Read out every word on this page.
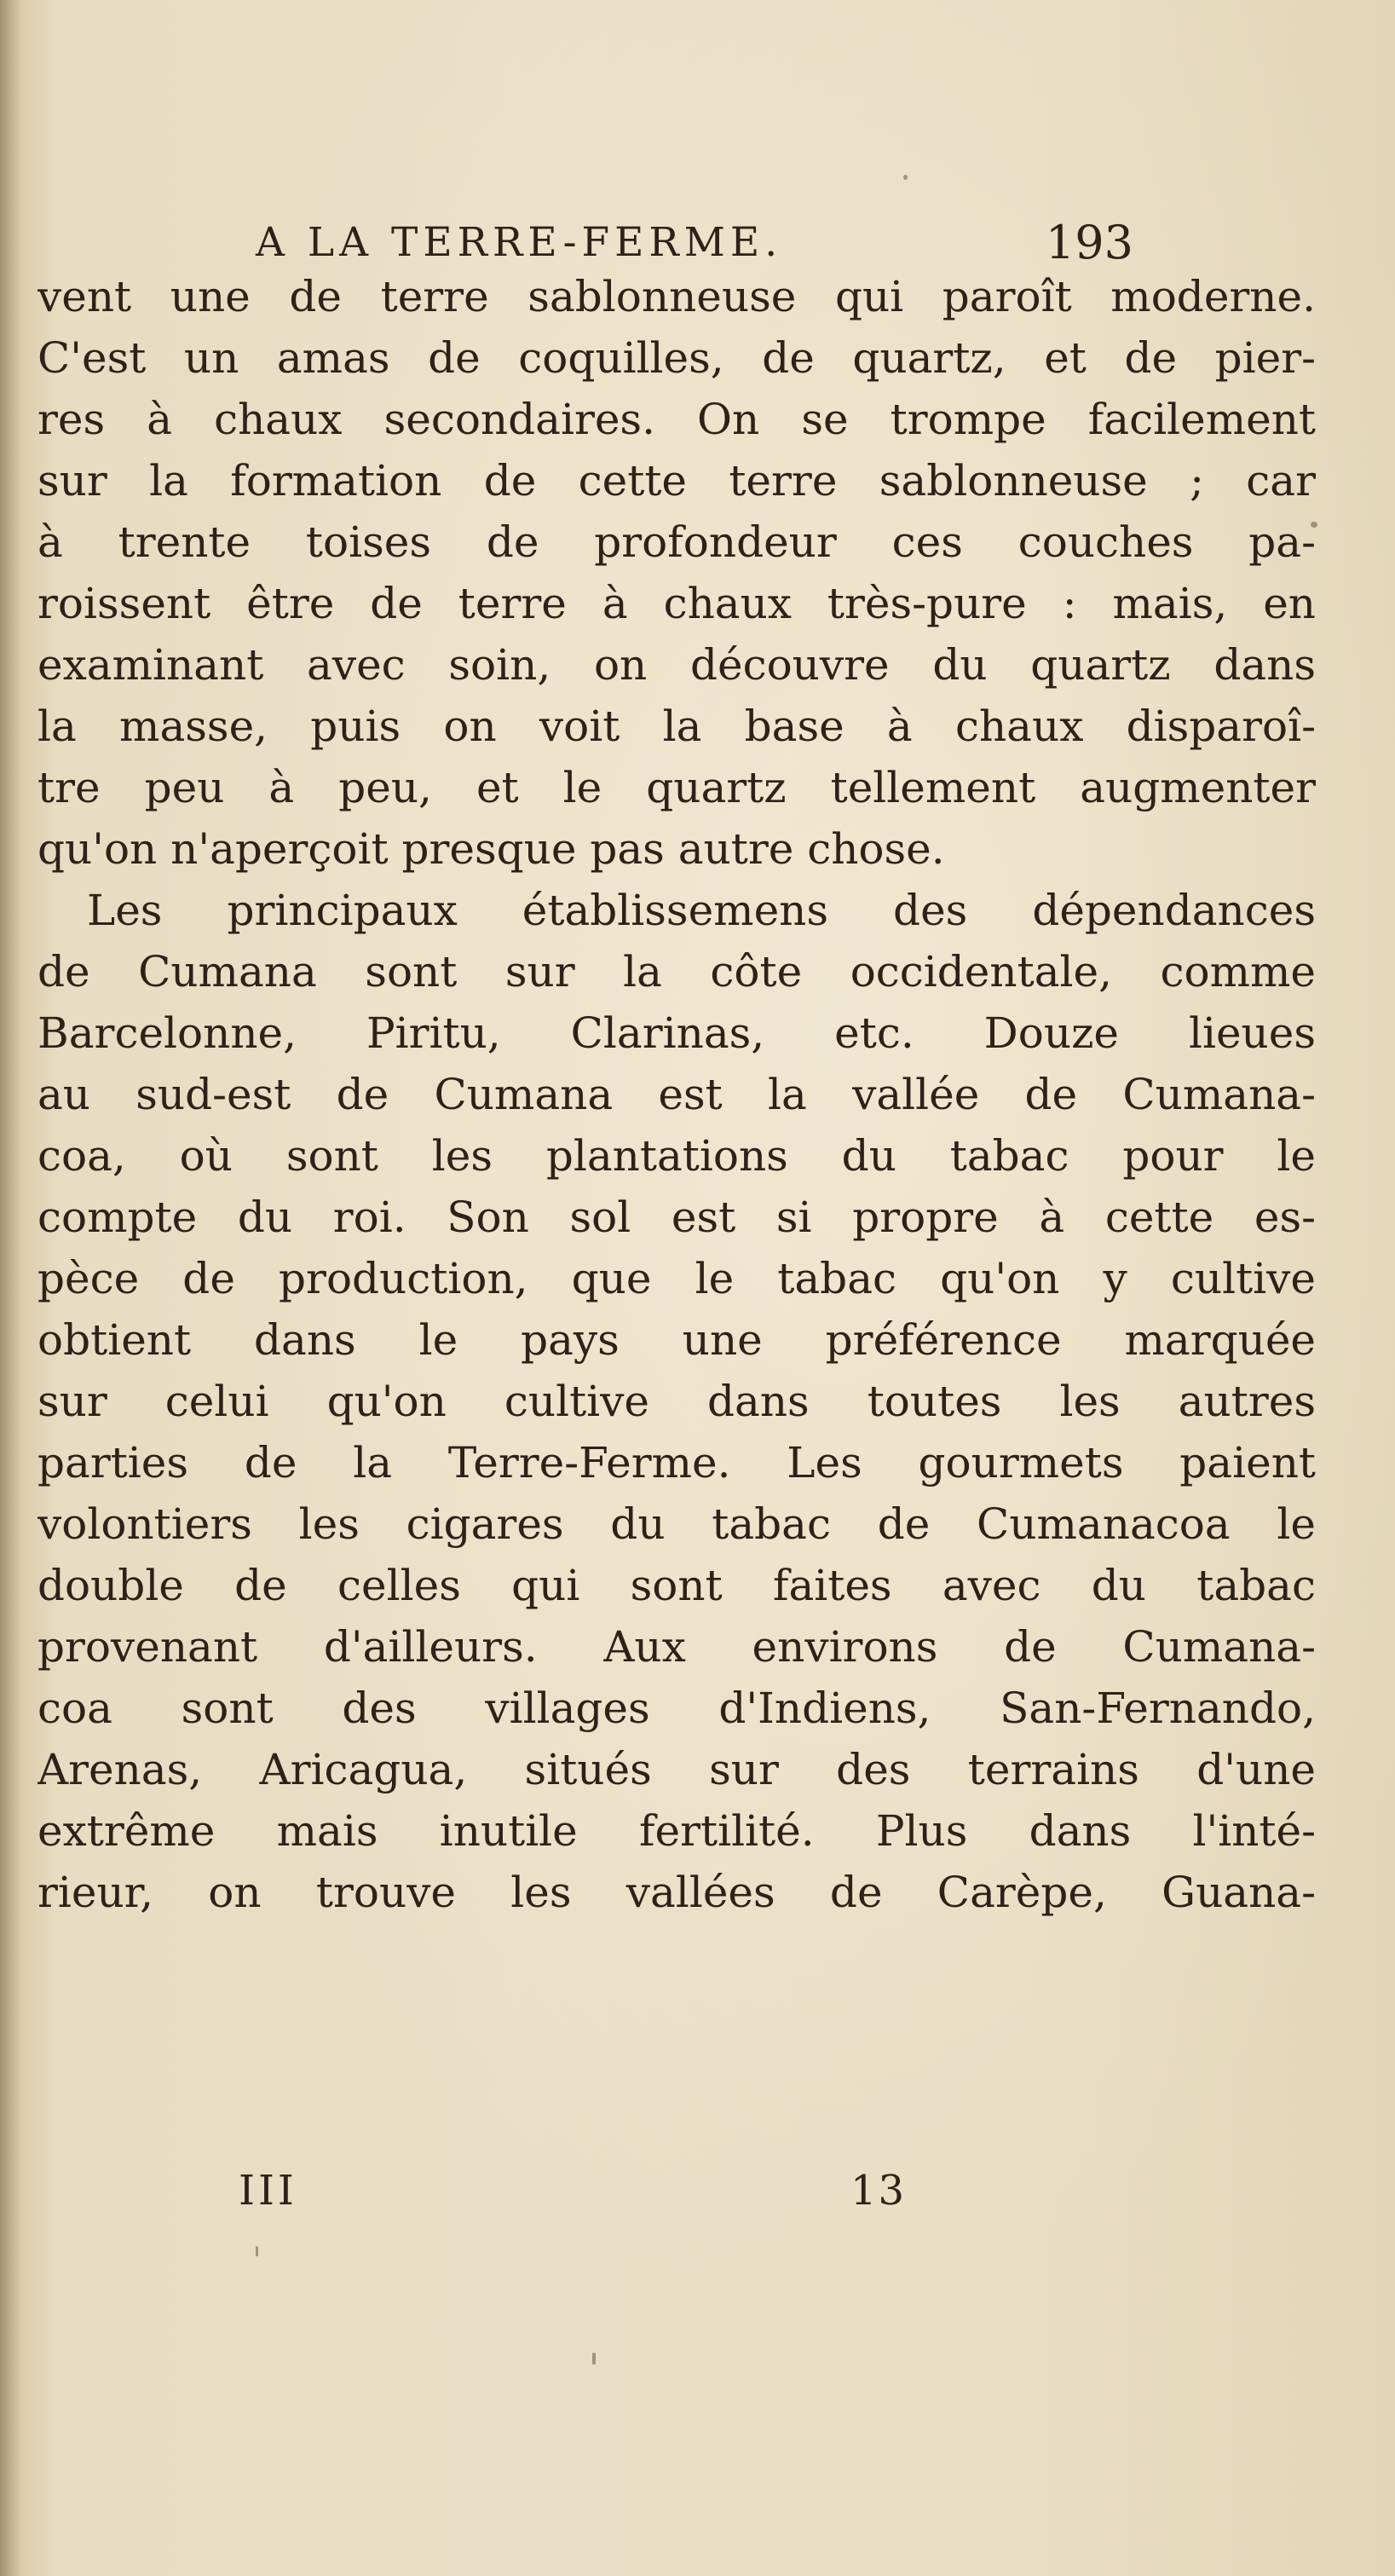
A LA TERRE-FERME.	193
vent une de terre sablonneuse qui paroît moderne.
C'est un amas de coquilles, de quartz, et de pier-
res à chaux secondaires. On se trompe facilement
sur la formation de cette terre sablonneuse ; car
à trente toises de profondeur ces couches pa-
roissent être de terre à chaux très-pure : mais, en
examinant avec soin, on découvre du quartz dans
la masse, puis on voit la base à chaux disparoî-
tre peu à peu, et le quartz tellement augmenter
qu'on n'aperçoit presque pas autre chose.
Les principaux établissemens des dépendances
de Cumana sont sur la côte occidentale, comme
Barcelonne, Piritu, Clarinas, etc. Douze lieues
au sud-est de Cumana est la vallée de Cumana-
coa, où sont les plantations du tabac pour le
compte du roi. Son sol est si propre à cette es-
pèce de production, que le tabac qu'on y cultive
obtient dans le pays une préférence marquée
sur celui qu'on cultive dans toutes les autres
parties de la Terre-Ferme. Les gourmets paient
volontiers les cigares du tabac de Cumanacoa le
double de celles qui sont faites avec du tabac
provenant d'ailleurs. Aux environs de Cumana-
coa sont des villages d'Indiens, San-Fernando,
Arenas, Aricagua, situés sur des terrains d'une
extrême mais inutile fertilité. Plus dans l'inté-
rieur, on trouve les vallées de Carèpe, Guana-
III	13
